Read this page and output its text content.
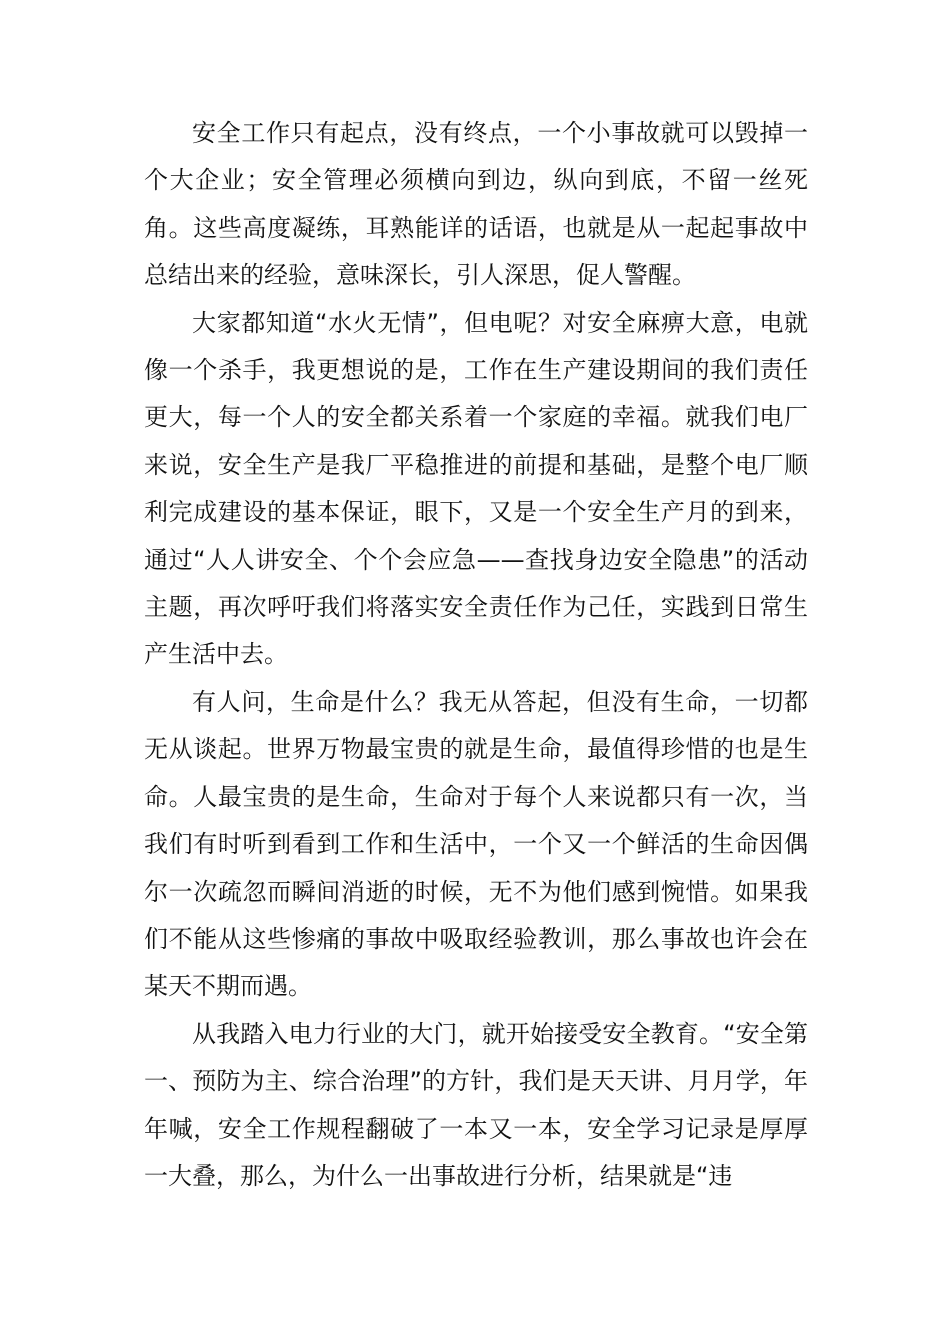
安全工作只有起点，没有终点，一个小事故就可以毁掉一个大企业；安全管理必须横向到边，纵向到底，不留一丝死角。这些高度凝练，耳熟能详的话语，也就是从一起起事故中总结出来的经验，意味深长，引人深思，促人警醒。

大家都知道“水火无情”，但电呢？对安全麻痹大意，电就像一个杀手，我更想说的是，工作在生产建设期间的我们责任更大，每一个人的安全都关系着一个家庭的幸福。就我们电厂来说，安全生产是我厂平稳推进的前提和基础，是整个电厂顺利完成建设的基本保证，眼下，又是一个安全生产月的到来，通过“人人讲安全、个个会应急——查找身边安全隐患”的活动主题，再次呼吁我们将落实安全责任作为己任，实践到日常生产生活中去。

有人问，生命是什么？我无从答起，但没有生命，一切都无从谈起。世界万物最宝贵的就是生命，最值得珍惜的也是生命。人最宝贵的是生命，生命对于每个人来说都只有一次，当我们有时听到看到工作和生活中，一个又一个鲜活的生命因偶尔一次疏忽而瞬间消逝的时候，无不为他们感到惋惜。如果我们不能从这些惨痛的事故中吸取经验教训，那么事故也许会在某天不期而遇。

从我踏入电力行业的大门，就开始接受安全教育。“安全第一、预防为主、综合治理”的方针，我们是天天讲、月月学，年年喊，安全工作规程翻破了一本又一本，安全学习记录是厚厚一大叠，那么，为什么一出事故进行分析，结果就是“违
